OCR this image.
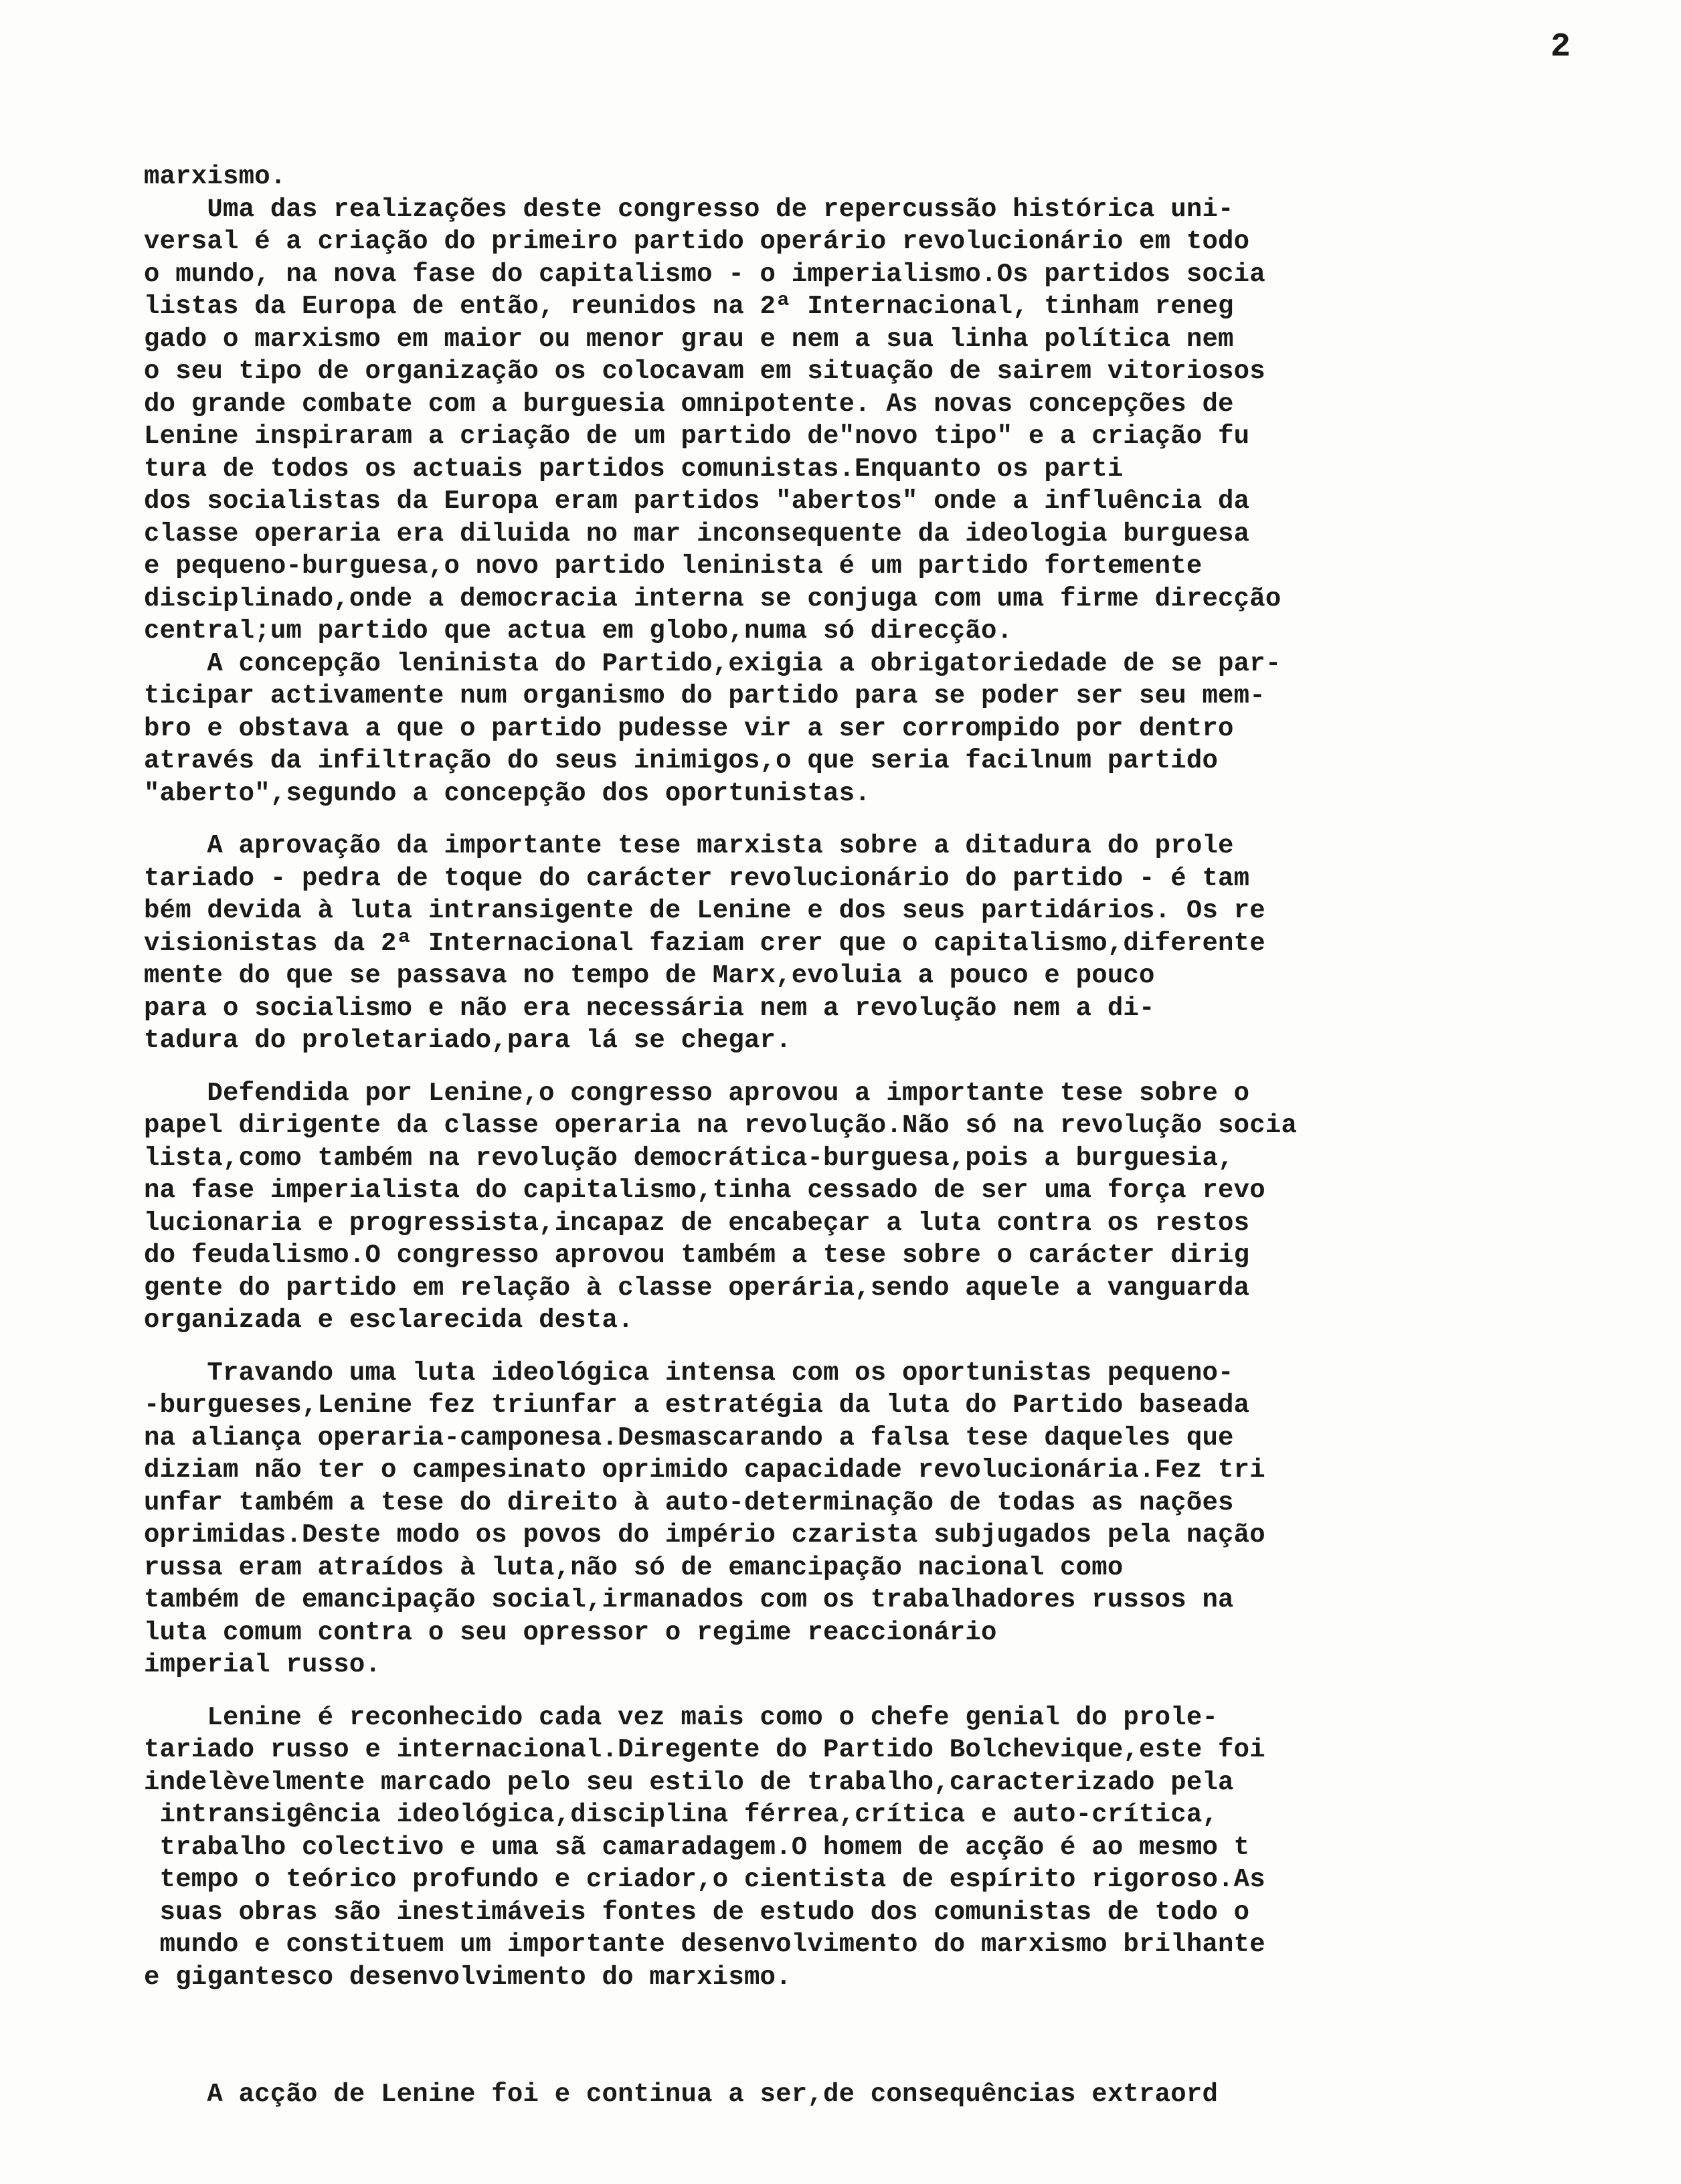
2
marxismo.
Uma das realizações deste congresso de repercussão histórica uni-
versal é a criação do primeiro partido operário revolucionário em todo
o mundo, na nova fase do capitalismo - o imperialismo.Os partidos socia
listas da Europa de então, reunidos na 2ª Internacional, tinham reneg
gado o marxismo em maior ou menor grau e nem a sua linha política nem
o seu tipo de organização os colocavam em situação de sairem vitoriosos
do grande combate com a burguesia omnipotente. As novas concepções de
Lenine inspiraram a criação de um partido de"novo tipo" e a criação fu
tura de todos os actuais partidos comunistas.Enquanto os parti
dos socialistas da Europa eram partidos "abertos" onde a influência da
classe operaria era diluida no mar inconsequente da ideologia burguesa
e pequeno-burguesa,o novo partido leninista é um partido fortemente
disciplinado,onde a democracia interna se conjuga com uma firme direcção
central;um partido que actua em globo,numa só direcção.
A concepção leninista do Partido,exigia a obrigatoriedade de se par-
ticipar activamente num organismo do partido para se poder ser seu mem-
bro e obstava a que o partido pudesse vir a ser corrompido por dentro
através da infiltração do seus inimigos,o que seria facilnum partido
"aberto",segundo a concepção dos oportunistas.
A aprovação da importante tese marxista sobre a ditadura do prole
tariado - pedra de toque do carácter revolucionário do partido - é tam
bém devida à luta intransigente de Lenine e dos seus partidários. Os re
visionistas da 2ª Internacional faziam crer que o capitalismo,diferente
mente do que se passava no tempo de Marx,evoluia a pouco e pouco
para o socialismo e não era necessária nem a revolução nem a di-
tadura do proletariado,para lá se chegar.
Defendida por Lenine,o congresso aprovou a importante tese sobre o
papel dirigente da classe operaria na revolução.Não só na revolução socia
lista,como também na revolução democrática-burguesa,pois a burguesia,
na fase imperialista do capitalismo,tinha cessado de ser uma força revo
lucionaria e progressista,incapaz de encabeçar a luta contra os restos
do feudalismo.O congresso aprovou também a tese sobre o carácter dirig
gente do partido em relação à classe operária,sendo aquele a vanguarda
organizada e esclarecida desta.
Travando uma luta ideológica intensa com os oportunistas pequeno-
-burgueses,Lenine fez triunfar a estratégia da luta do Partido baseada
na aliança operaria-camponesa.Desmascarando a falsa tese daqueles que
diziam não ter o campesinato oprimido capacidade revolucionária.Fez tri
unfar também a tese do direito à auto-determinação de todas as nações
oprimidas.Deste modo os povos do império czarista subjugados pela nação
russa eram atraídos à luta,não só de emancipação nacional como
também de emancipação social,irmanados com os trabalhadores russos na
luta comum contra o seu opressor o regime reaccionário
imperial russo.
Lenine é reconhecido cada vez mais como o chefe genial do prole-
tariado russo e internacional.Diregente do Partido Bolchevique,este foi
indelèvelmente marcado pelo seu estilo de trabalho,caracterizado pela
intransigência ideológica,disciplina férrea,crítica e auto-crítica,
trabalho colectivo e uma sã camaradagem.O homem de acção é ao mesmo t
tempo o teórico profundo e criador,o cientista de espírito rigoroso.As
suas obras são inestimáveis fontes de estudo dos comunistas de todo o
mundo e constituem um importante desenvolvimento do marxismo brilhante
e gigantesco desenvolvimento do marxismo.

A acção de Lenine foi e continua a ser,de consequências extraord
